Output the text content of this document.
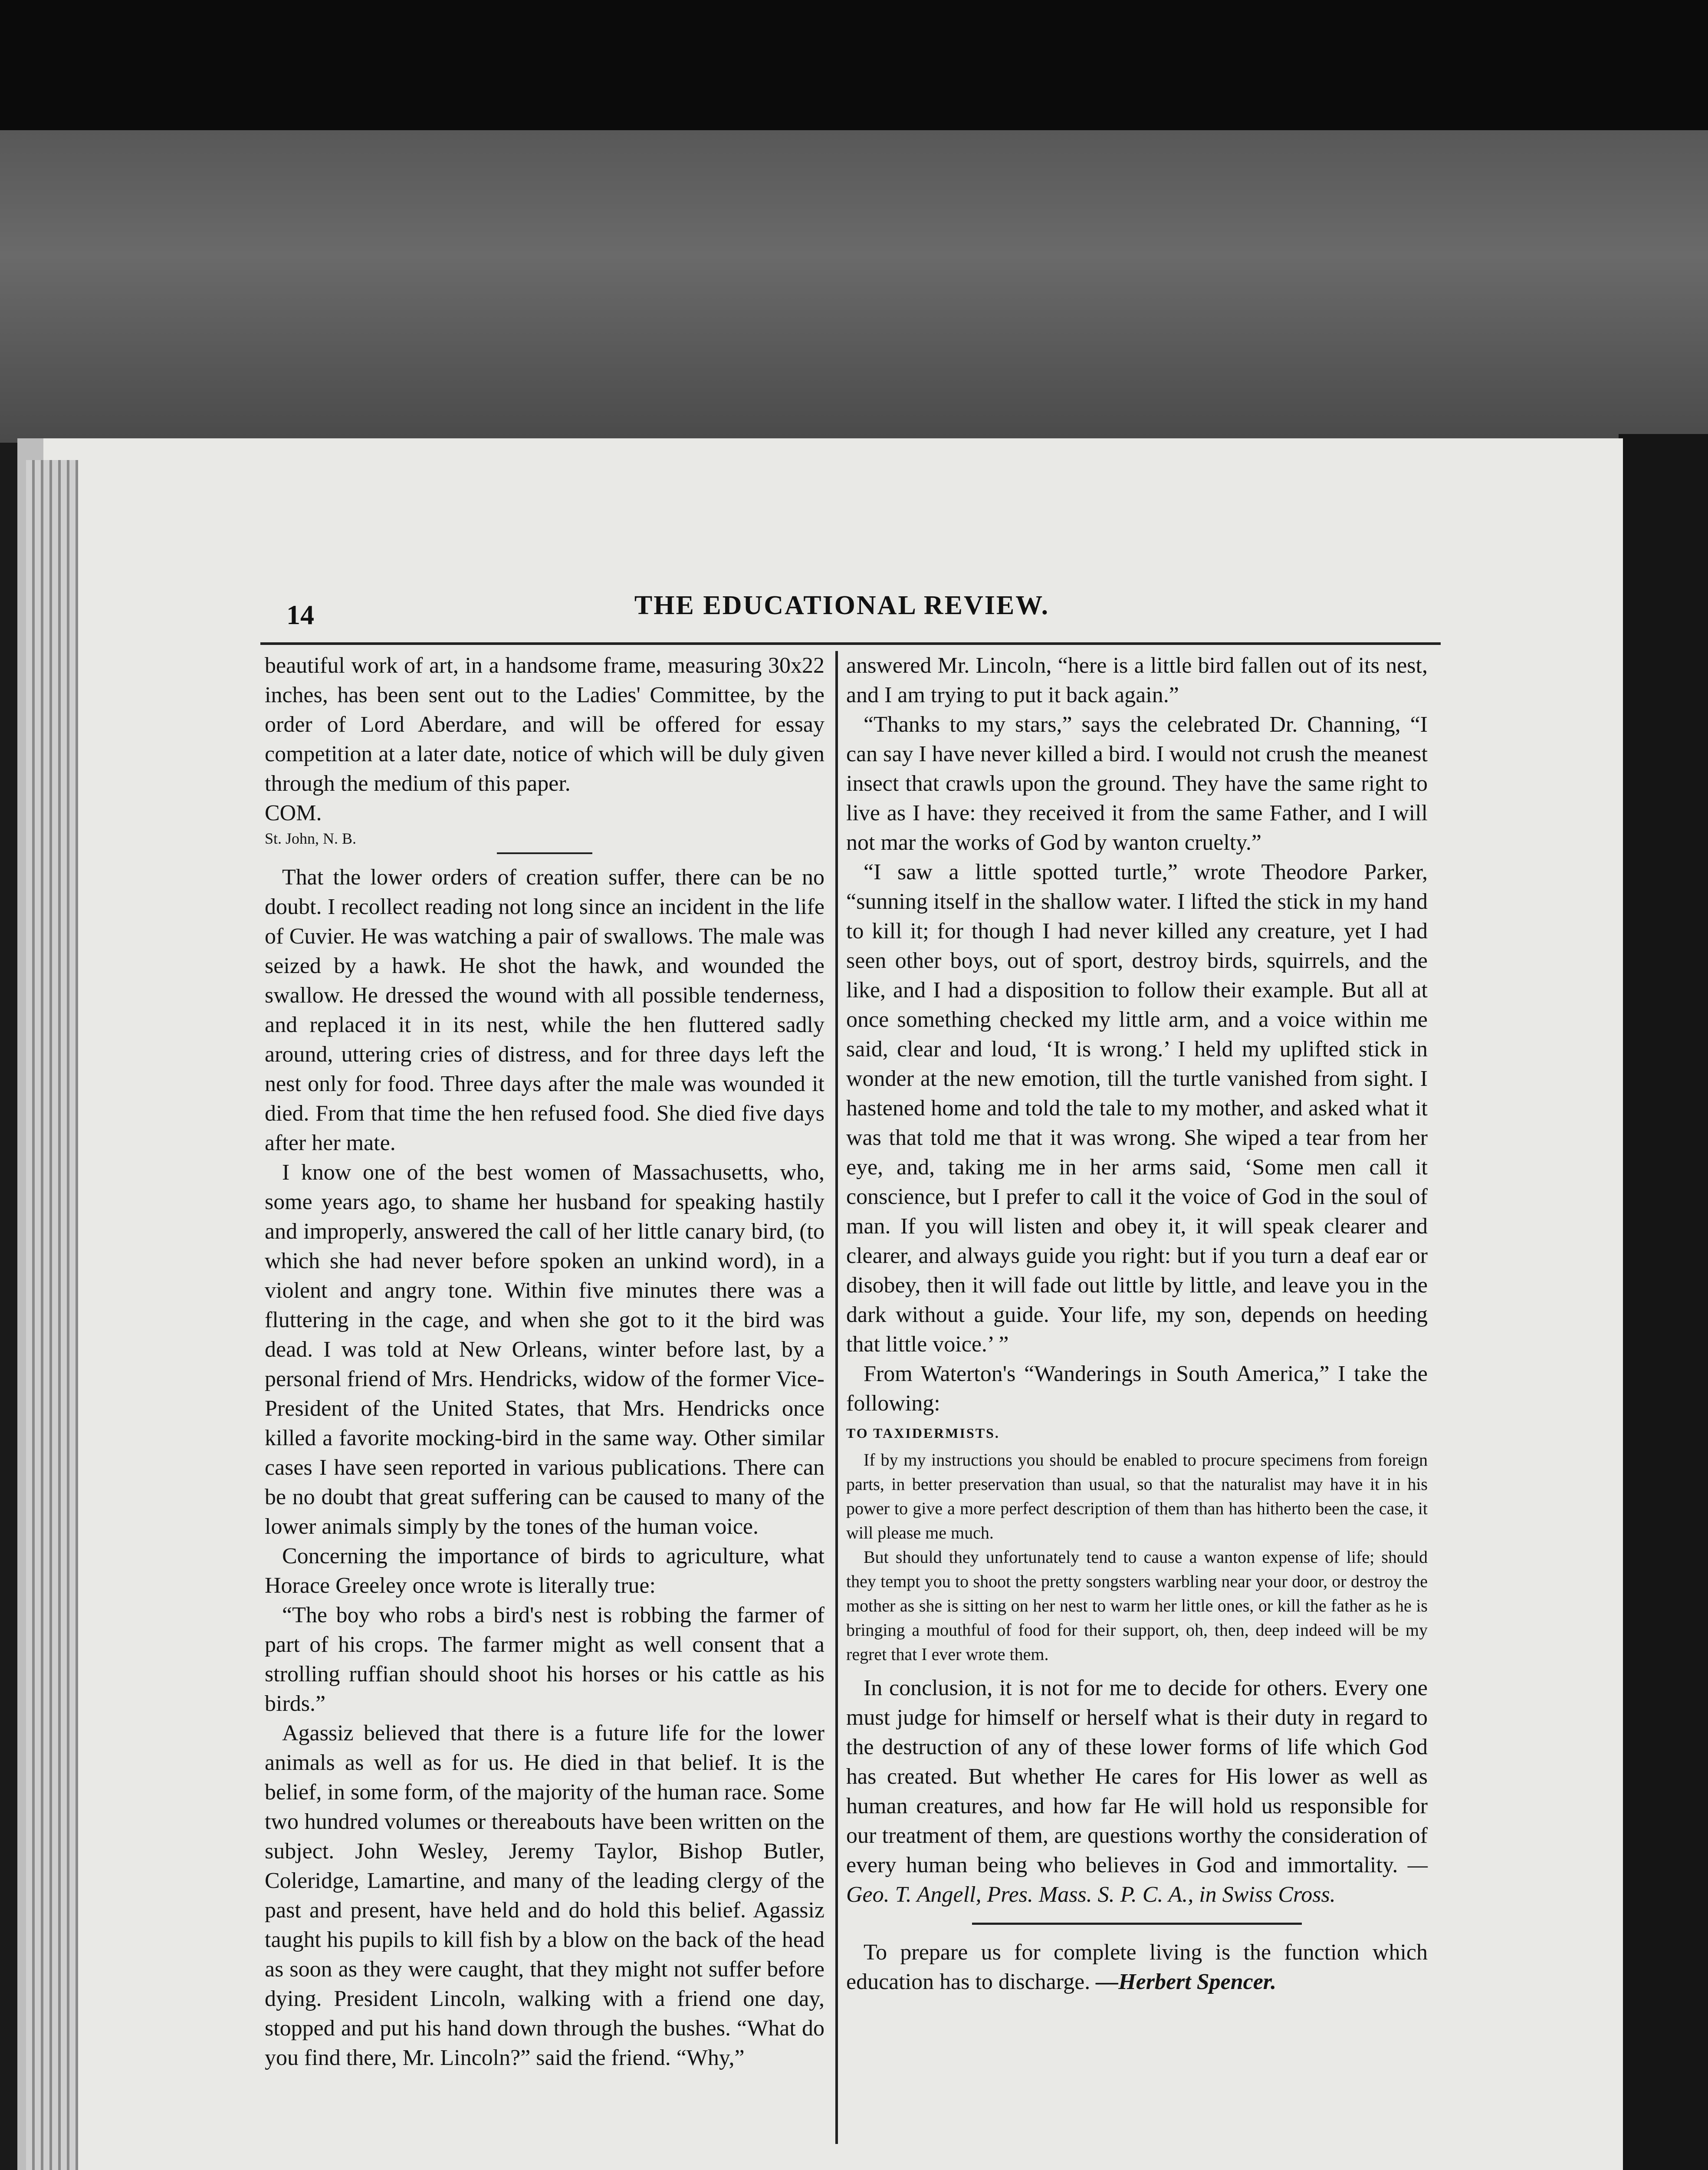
14	THE EDUCATIONAL REVIEW.

beautiful work of art, in a handsome frame, measuring 30x22 inches, has been sent out to the Ladies' Committee, by the order of Lord Aberdare, and will be offered for essay competition at a later date, notice of which will be duly given through the medium of this paper.

COM.

St. John, N. B.

That the lower orders of creation suffer, there can be no doubt. I recollect reading not long since an incident in the life of Cuvier. He was watching a pair of swallows. The male was seized by a hawk. He shot the hawk, and wounded the swallow. He dressed the wound with all possible tenderness, and replaced it in its nest, while the hen fluttered sadly around, uttering cries of distress, and for three days left the nest only for food. Three days after the male was wounded it died. From that time the hen refused food. She died five days after her mate.

I know one of the best women of Massachusetts, who, some years ago, to shame her husband for speaking hastily and improperly, answered the call of her little canary bird, (to which she had never before spoken an unkind word), in a violent and angry tone. Within five minutes there was a fluttering in the cage, and when she got to it the bird was dead. I was told at New Orleans, winter before last, by a personal friend of Mrs. Hendricks, widow of the former Vice-President of the United States, that Mrs. Hendricks once killed a favorite mocking-bird in the same way. Other similar cases I have seen reported in various publications. There can be no doubt that great suffering can be caused to many of the lower animals simply by the tones of the human voice.

Concerning the importance of birds to agriculture, what Horace Greeley once wrote is literally true:

“The boy who robs a bird's nest is robbing the farmer of part of his crops. The farmer might as well consent that a strolling ruffian should shoot his horses or his cattle as his birds.”

Agassiz believed that there is a future life for the lower animals as well as for us. He died in that belief. It is the belief, in some form, of the majority of the human race. Some two hundred volumes or thereabouts have been written on the subject. John Wesley, Jeremy Taylor, Bishop Butler, Coleridge, Lamartine, and many of the leading clergy of the past and present, have held and do hold this belief. Agassiz taught his pupils to kill fish by a blow on the back of the head as soon as they were caught, that they might not suffer before dying. President Lincoln, walking with a friend one day, stopped and put his hand down through the bushes. “What do you find there, Mr. Lincoln?” said the friend. “Why,”

answered Mr. Lincoln, “here is a little bird fallen out of its nest, and I am trying to put it back again.”

“Thanks to my stars,” says the celebrated Dr. Channing, “I can say I have never killed a bird. I would not crush the meanest insect that crawls upon the ground. They have the same right to live as I have: they received it from the same Father, and I will not mar the works of God by wanton cruelty.”

“I saw a little spotted turtle,” wrote Theodore Parker, “sunning itself in the shallow water. I lifted the stick in my hand to kill it; for though I had never killed any creature, yet I had seen other boys, out of sport, destroy birds, squirrels, and the like, and I had a disposition to follow their example. But all at once something checked my little arm, and a voice within me said, clear and loud, ‘It is wrong.’ I held my uplifted stick in wonder at the new emotion, till the turtle vanished from sight. I hastened home and told the tale to my mother, and asked what it was that told me that it was wrong. She wiped a tear from her eye, and, taking me in her arms said, ‘Some men call it conscience, but I prefer to call it the voice of God in the soul of man. If you will listen and obey it, it will speak clearer and clearer, and always guide you right: but if you turn a deaf ear or disobey, then it will fade out little by little, and leave you in the dark without a guide. Your life, my son, depends on heeding that little voice.’ ”

From Waterton's “Wanderings in South America,” I take the following:

TO TAXIDERMISTS.

If by my instructions you should be enabled to procure specimens from foreign parts, in better preservation than usual, so that the naturalist may have it in his power to give a more perfect description of them than has hitherto been the case, it will please me much.

But should they unfortunately tend to cause a wanton expense of life; should they tempt you to shoot the pretty songsters warbling near your door, or destroy the mother as she is sitting on her nest to warm her little ones, or kill the father as he is bringing a mouthful of food for their support, oh, then, deep indeed will be my regret that I ever wrote them.

In conclusion, it is not for me to decide for others. Every one must judge for himself or herself what is their duty in regard to the destruction of any of these lower forms of life which God has created. But whether He cares for His lower as well as human creatures, and how far He will hold us responsible for our treatment of them, are questions worthy the consideration of every human being who believes in God and immortality. —Geo. T. Angell, Pres. Mass. S. P. C. A., in Swiss Cross.

To prepare us for complete living is the function which education has to discharge. —Herbert Spencer.
